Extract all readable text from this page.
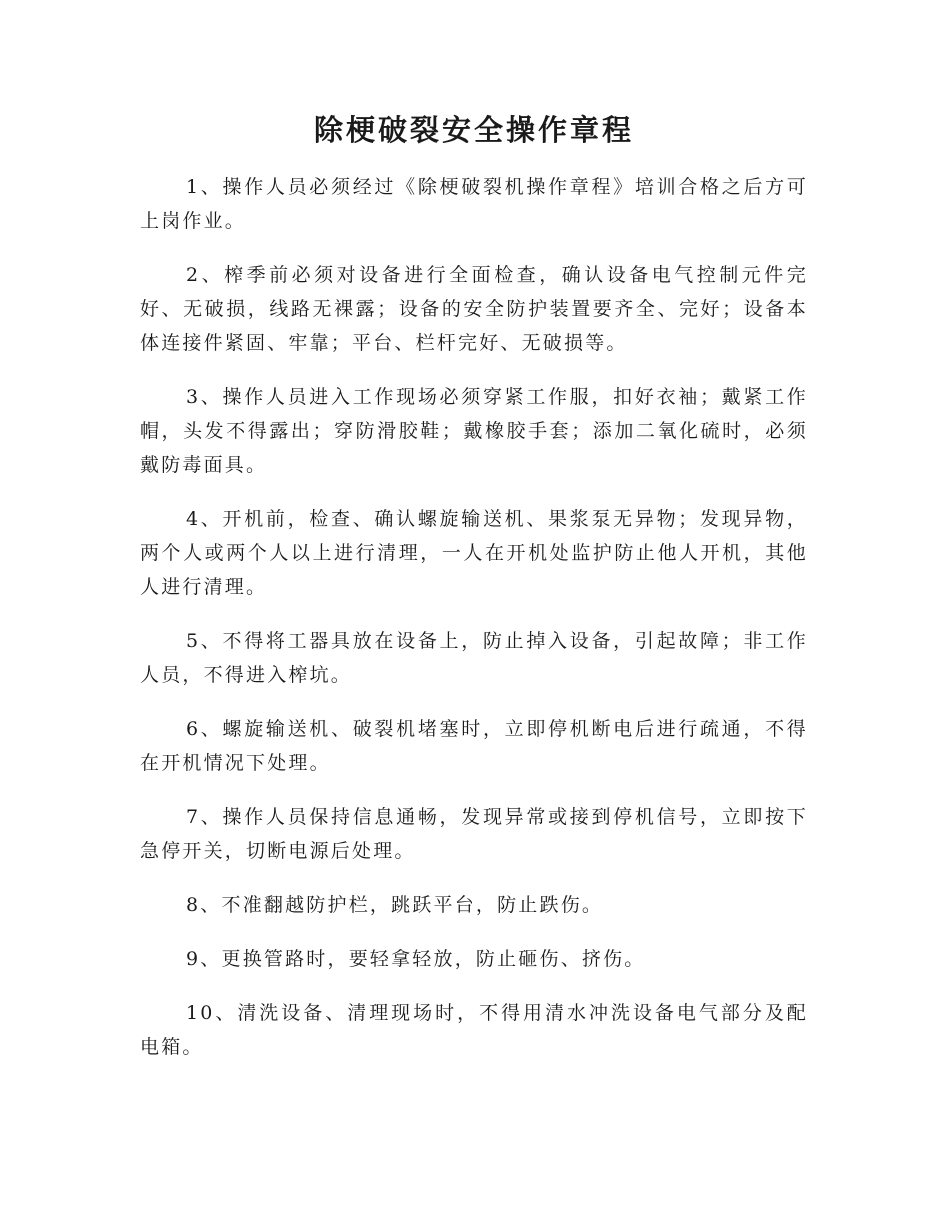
除梗破裂安全操作章程
1、操作人员必须经过《除梗破裂机操作章程》培训合格之后方可上岗作业。
2、榨季前必须对设备进行全面检查，确认设备电气控制元件完好、无破损，线路无裸露；设备的安全防护装置要齐全、完好；设备本体连接件紧固、牢靠；平台、栏杆完好、无破损等。
3、操作人员进入工作现场必须穿紧工作服，扣好衣袖；戴紧工作帽，头发不得露出；穿防滑胶鞋；戴橡胶手套；添加二氧化硫时，必须戴防毒面具。
4、开机前，检查、确认螺旋输送机、果浆泵无异物；发现异物，两个人或两个人以上进行清理，一人在开机处监护防止他人开机，其他人进行清理。
5、不得将工器具放在设备上，防止掉入设备，引起故障；非工作人员，不得进入榨坑。
6、螺旋输送机、破裂机堵塞时，立即停机断电后进行疏通，不得在开机情况下处理。
7、操作人员保持信息通畅，发现异常或接到停机信号，立即按下急停开关，切断电源后处理。
8、不准翻越防护栏，跳跃平台，防止跌伤。
9、更换管路时，要轻拿轻放，防止砸伤、挤伤。
10、清洗设备、清理现场时，不得用清水冲洗设备电气部分及配电箱。
